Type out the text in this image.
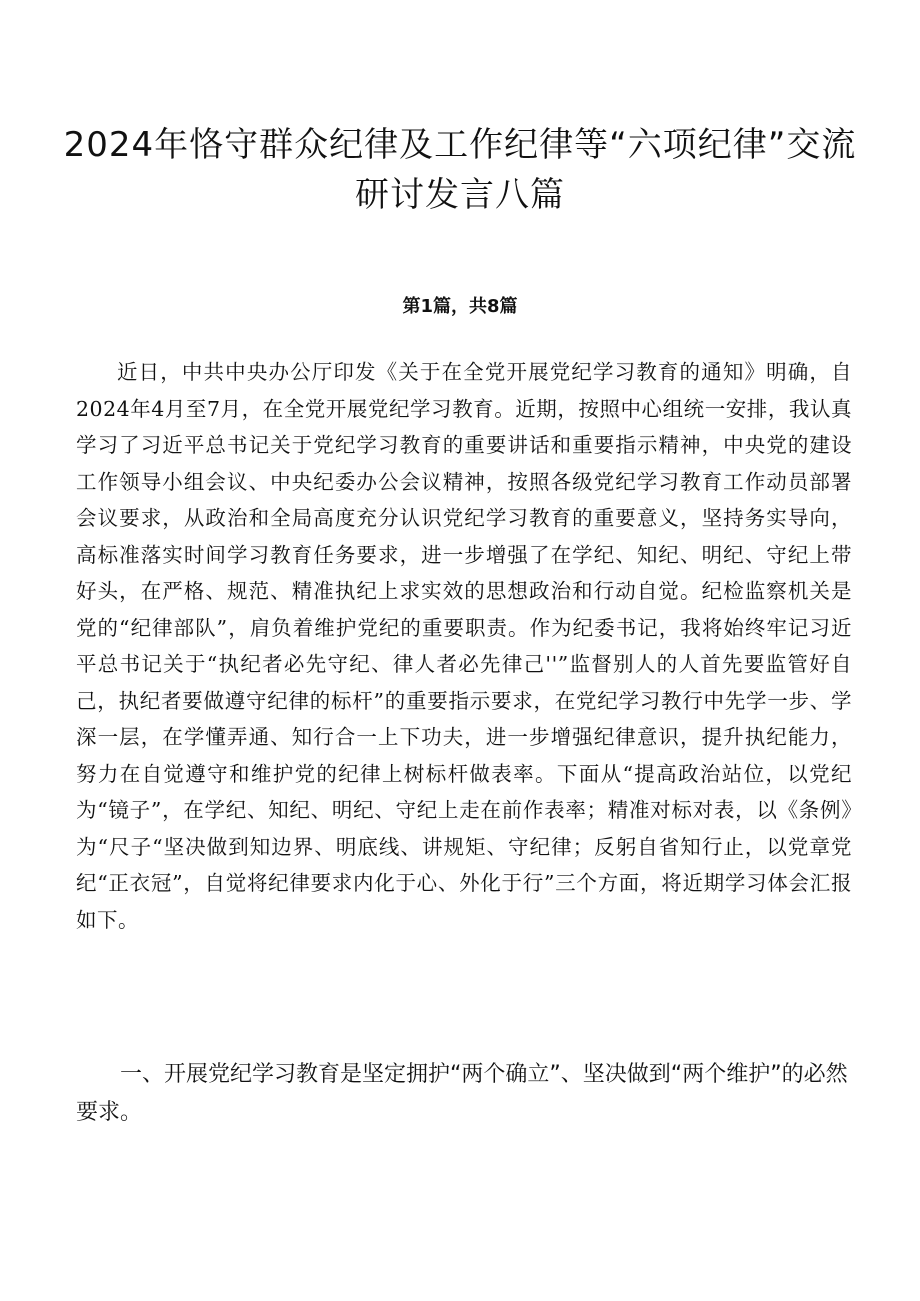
2024年恪守群众纪律及工作纪律等“六项纪律”交流研讨发言八篇
第1篇，共8篇

近日，中共中央办公厅印发《关于在全党开展党纪学习教育的通知》明确，自2024年4月至7月，在全党开展党纪学习教育。近期，按照中心组统一安排，我认真学习了习近平总书记关于党纪学习教育的重要讲话和重要指示精神，中央党的建设工作领导小组会议、中央纪委办公会议精神，按照各级党纪学习教育工作动员部署会议要求，从政治和全局高度充分认识党纪学习教育的重要意义，坚持务实导向，高标准落实时间学习教育任务要求，进一步增强了在学纪、知纪、明纪、守纪上带好头，在严格、规范、精准执纪上求实效的思想政治和行动自觉。纪检监察机关是党的“纪律部队”，肩负着维护党纪的重要职责。作为纪委书记，我将始终牢记习近平总书记关于“执纪者必先守纪、律人者必先律己''”监督别人的人首先要监管好自己，执纪者要做遵守纪律的标杆”的重要指示要求，在党纪学习教行中先学一步、学深一层，在学懂弄通、知行合一上下功夫，进一步增强纪律意识，提升执纪能力，努力在自觉遵守和维护党的纪律上树标杆做表率。下面从“提高政治站位，以党纪为“镜子”，在学纪、知纪、明纪、守纪上走在前作表率；精准对标对表，以《条例》为“尺子“坚决做到知边界、明底线、讲规矩、守纪律；反躬自省知行止，以党章党纪“正衣冠”，自觉将纪律要求内化于心、外化于行”三个方面，将近期学习体会汇报如下。

一、开展党纪学习教育是坚定拥护“两个确立”、坚决做到“两个维护”的必然要求。
